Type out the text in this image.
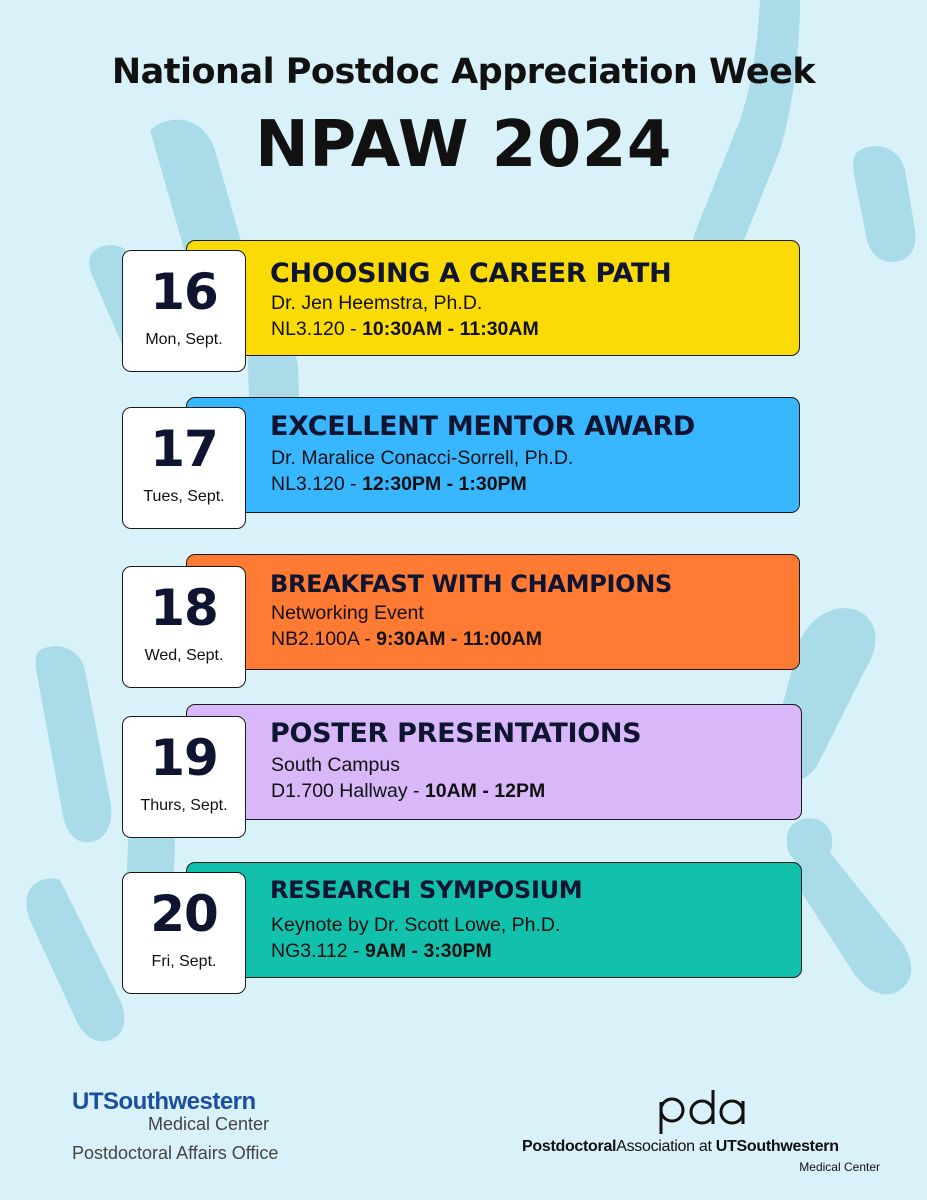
National Postdoc Appreciation Week
NPAW 2024
16
Mon, Sept.
CHOOSING A CAREER PATH
Dr. Jen Heemstra, Ph.D.
NL3.120 - 10:30AM - 11:30AM
17
Tues, Sept.
EXCELLENT MENTOR AWARD
Dr. Maralice Conacci-Sorrell, Ph.D.
NL3.120 - 12:30PM - 1:30PM
18
Wed, Sept.
BREAKFAST WITH CHAMPIONS
Networking Event
NB2.100A - 9:30AM - 11:00AM
19
Thurs, Sept.
POSTER PRESENTATIONS
South Campus
D1.700 Hallway - 10AM - 12PM
20
Fri, Sept.
RESEARCH SYMPOSIUM
Keynote by Dr. Scott Lowe, Ph.D.
NG3.112 - 9AM - 3:30PM
UTSouthwestern
Medical Center
Postdoctoral Affairs Office	PostdoctoralAssociation at UTSouthwestern
Medical Center
